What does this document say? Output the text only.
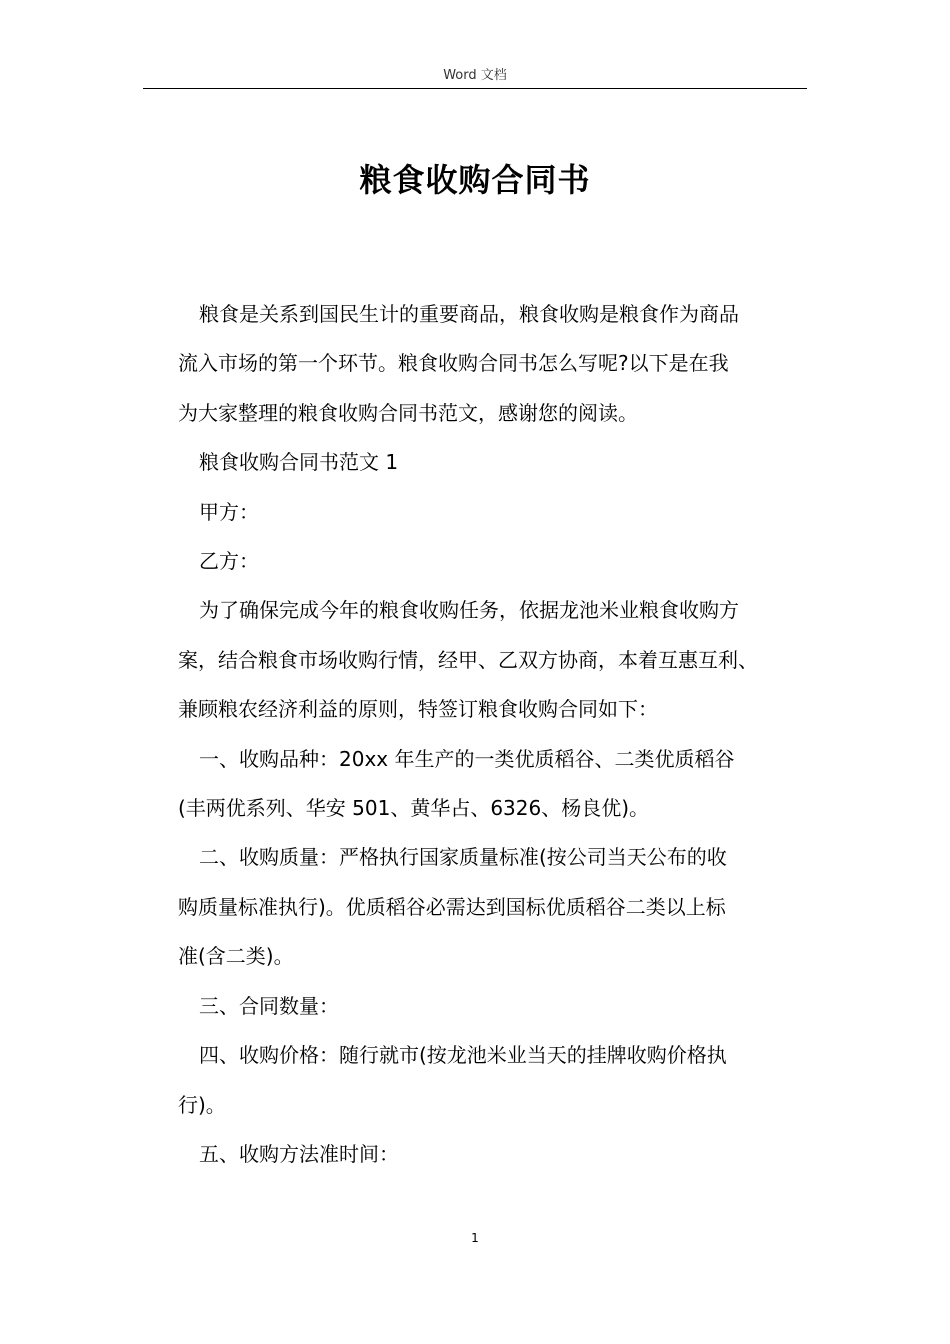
Word 文档
粮食收购合同书

粮食是关系到国民生计的重要商品，粮食收购是粮食作为商品
流入市场的第一个环节。粮食收购合同书怎么写呢?以下是在我
为大家整理的粮食收购合同书范文，感谢您的阅读。

粮食收购合同书范文 1

甲方：

乙方：

为了确保完成今年的粮食收购任务，依据龙池米业粮食收购方
案，结合粮食市场收购行情，经甲、乙双方协商，本着互惠互利、
兼顾粮农经济利益的原则，特签订粮食收购合同如下：

一、收购品种：20xx 年生产的一类优质稻谷、二类优质稻谷
(丰两优系列、华安 501、黄华占、6326、杨良优)。

二、收购质量：严格执行国家质量标准(按公司当天公布的收
购质量标准执行)。优质稻谷必需达到国标优质稻谷二类以上标
准(含二类)。

三、合同数量：

四、收购价格：随行就市(按龙池米业当天的挂牌收购价格执
行)。

五、收购方法准时间：

1
